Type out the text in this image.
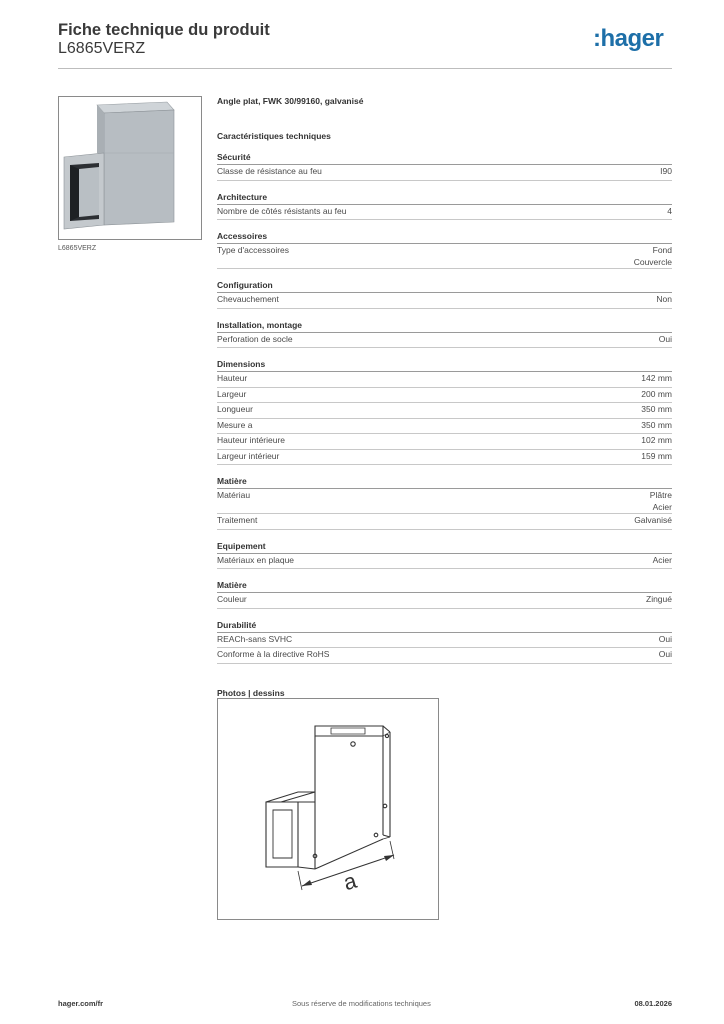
Fiche technique du produit
L6865VERZ	:hager
L6865VERZ
Angle plat, FWK 30/99160, galvanisé
Caractéristiques techniques
Sécurité
Classe de résistance au feu	I90
Architecture
Nombre de côtés résistants au feu	4
Accessoires
Type d'accessoires	Fond
Couvercle
Configuration
Chevauchement	Non
Installation, montage
Perforation de socle	Oui
Dimensions
Hauteur	142 mm
Largeur	200 mm
Longueur	350 mm
Mesure a	350 mm
Hauteur intérieure	102 mm
Largeur intérieur	159 mm
Matière
Matériau	Plâtre
Acier
Traitement	Galvanisé
Equipement
Matériaux en plaque	Acier
Matière
Couleur	Zingué
Durabilité
REACh-sans SVHC	Oui
Conforme à la directive RoHS	Oui
Photos | dessins
a
hager.com/fr	Sous réserve de modifications techniques	08.01.2026
